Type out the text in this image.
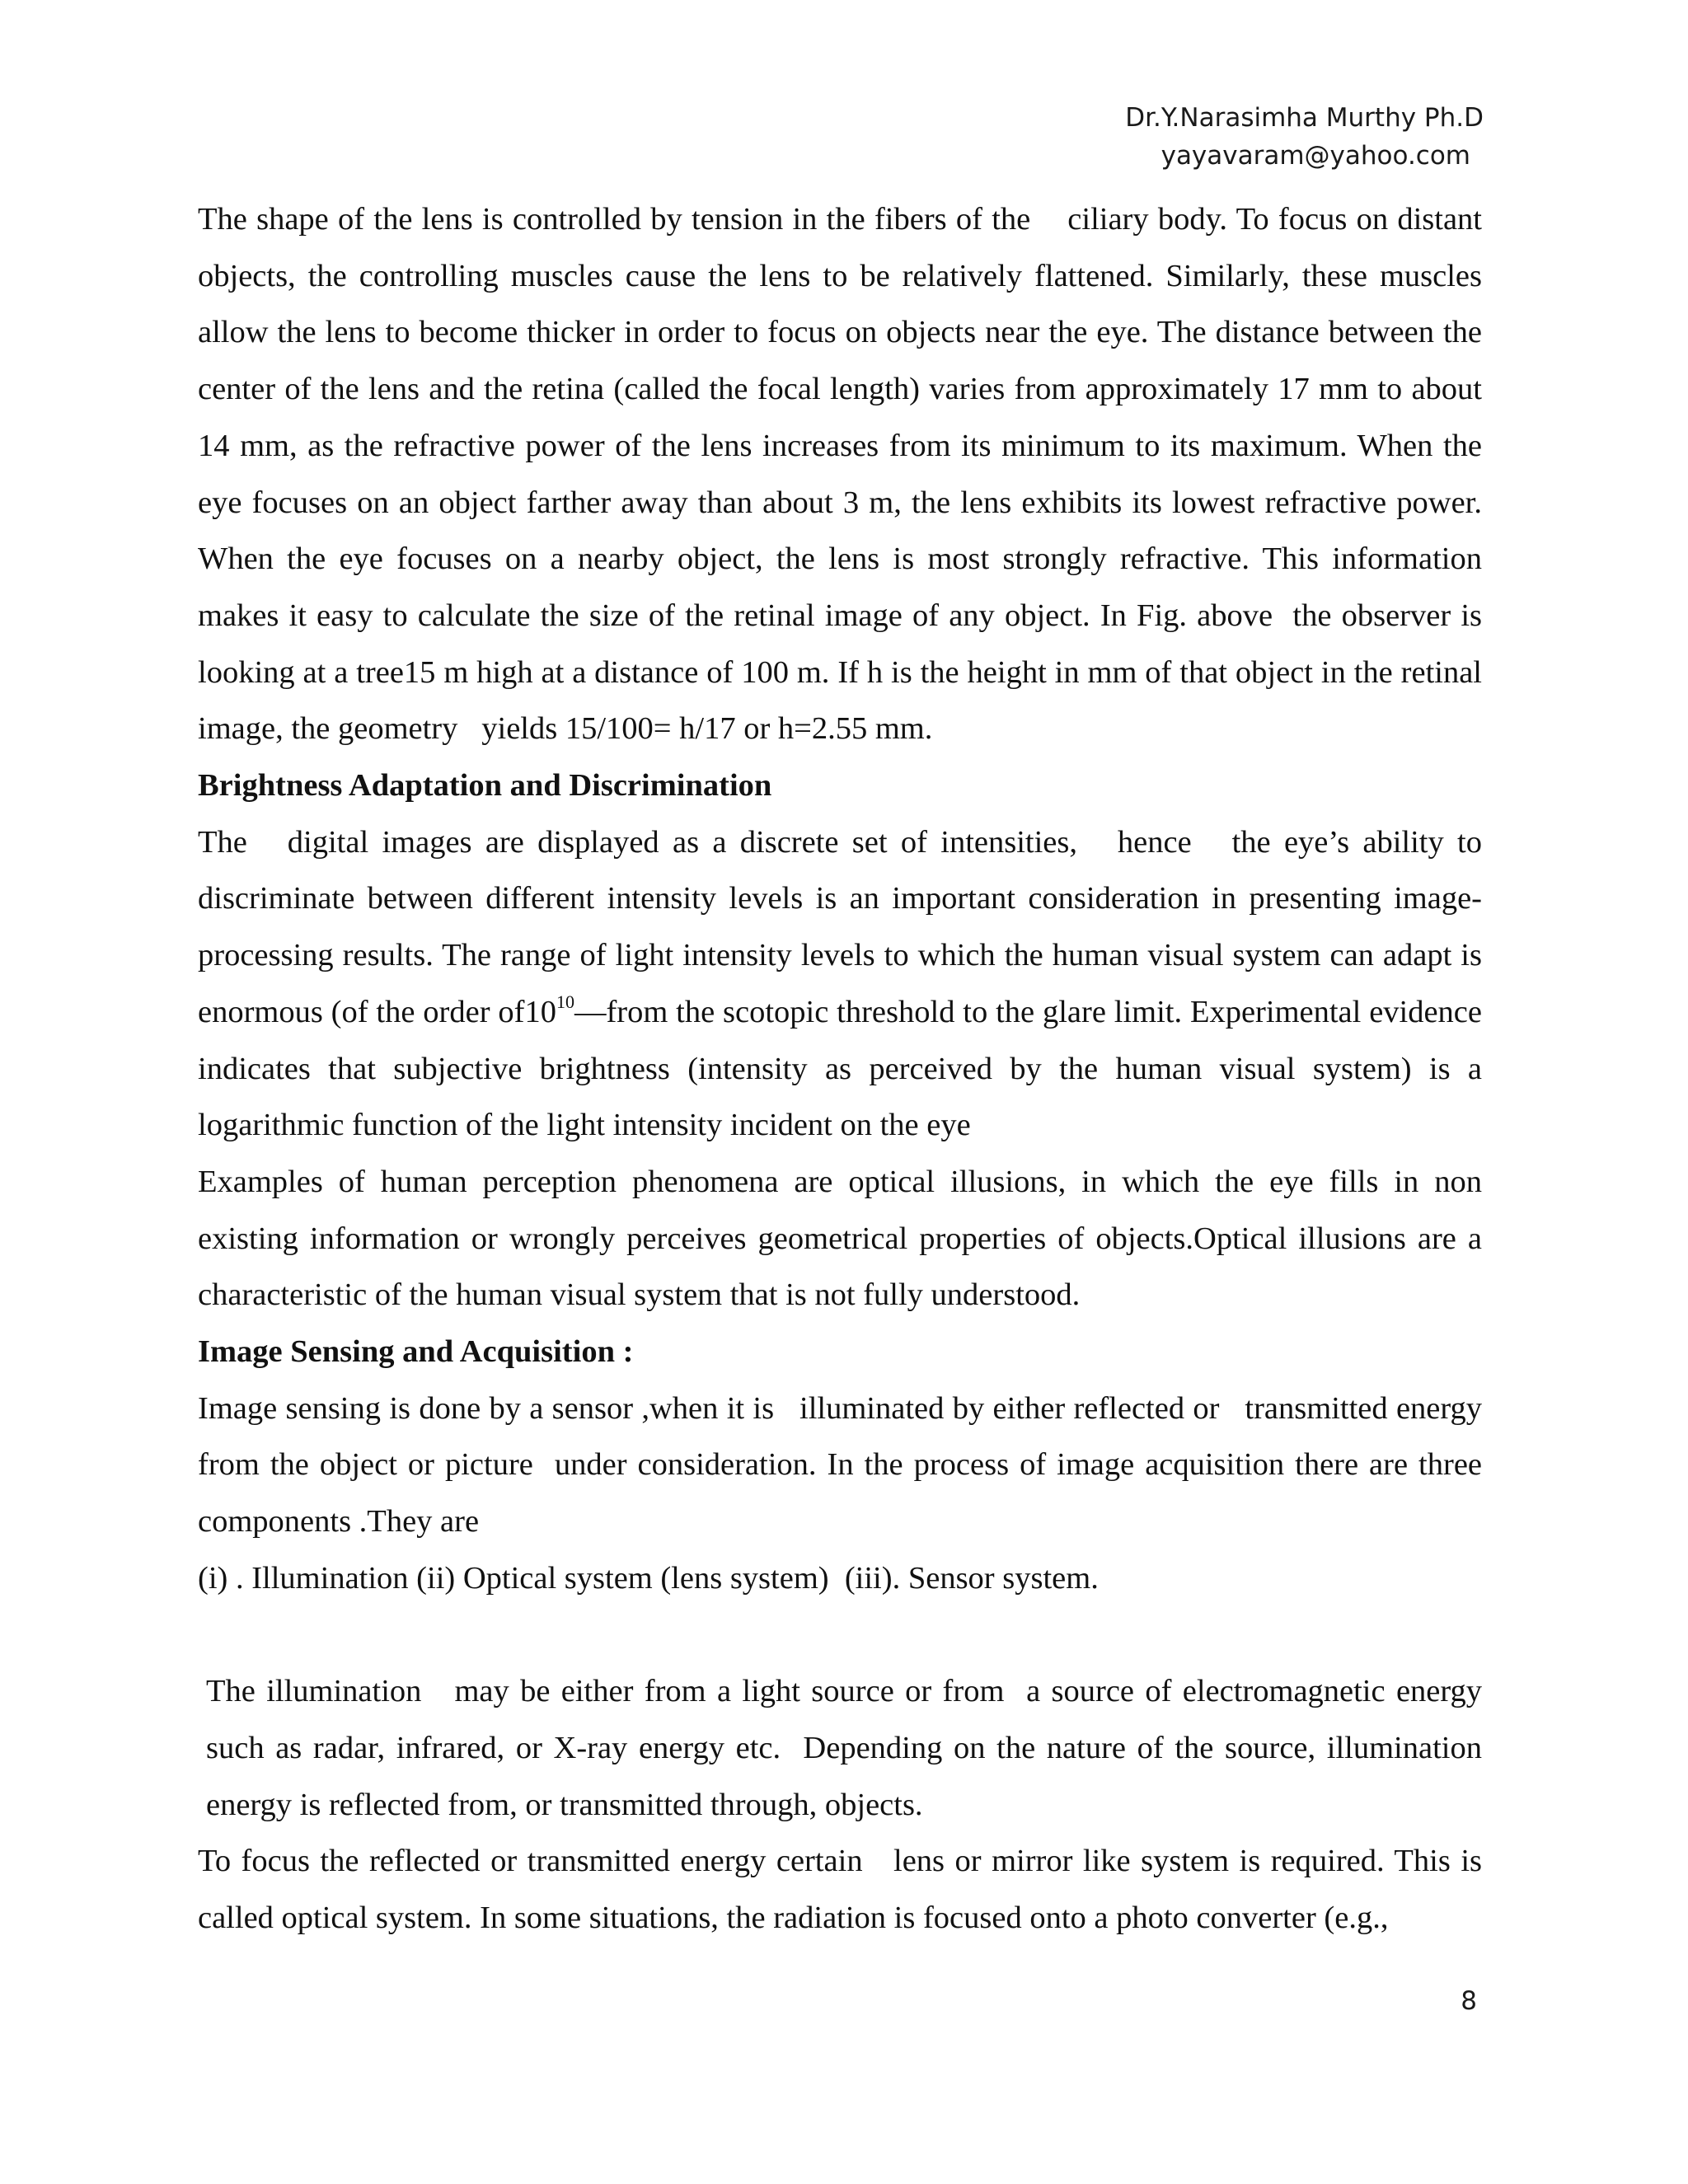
Dr.Y.Narasimha Murthy Ph.D
yayavaram@yahoo.com

The shape of the lens is controlled by tension in the fibers of the    ciliary body. To focus on distant objects, the controlling muscles cause the lens to be relatively flattened. Similarly, these muscles allow the lens to become thicker in order to focus on objects near the eye. The distance between the center of the lens and the retina (called the focal length) varies from approximately 17 mm to about 14 mm, as the refractive power of the lens increases from its minimum to its maximum. When the eye focuses on an object farther away than about 3 m, the lens exhibits its lowest refractive power. When the eye focuses on a nearby object, the lens is most strongly refractive. This information makes it easy to calculate the size of the retinal image of any object. In Fig. above  the observer is looking at a tree15 m high at a distance of 100 m. If h is the height in mm of that object in the retinal image, the geometry   yields 15/100= h/17 or h=2.55 mm.

Brightness Adaptation and Discrimination

The   digital images are displayed as a discrete set of intensities,   hence   the eye’s ability to discriminate between different intensity levels is an important consideration in presenting image-processing results. The range of light intensity levels to which the human visual system can adapt is enormous (of the order $of10^{10}—from$ the scotopic threshold to the glare limit. Experimental evidence indicates that subjective brightness (intensity as perceived by the human visual system) is a logarithmic function of the light intensity incident on the eye

Examples of human perception phenomena are optical illusions, in which the eye fills in non existing information or wrongly perceives geometrical properties of objects.Optical illusions are a characteristic of the human visual system that is not fully understood.

Image Sensing and Acquisition :

Image sensing is done by a sensor ,when it is   illuminated by either reflected or   transmitted energy from the object or picture  under consideration. In the process of image acquisition there are three  components .They are

(i) . Illumination (ii) Optical system (lens system)  (iii). Sensor system.

The illumination   may be either from a light source or from  a source of electromagnetic energy such as radar, infrared, or X-ray energy etc.  Depending on the nature of the source, illumination energy is reflected from, or transmitted through, objects.

To focus the reflected or transmitted energy certain   lens or mirror like system is required. This is called optical system. In some situations, the radiation is focused onto a photo converter (e.g.,

8
